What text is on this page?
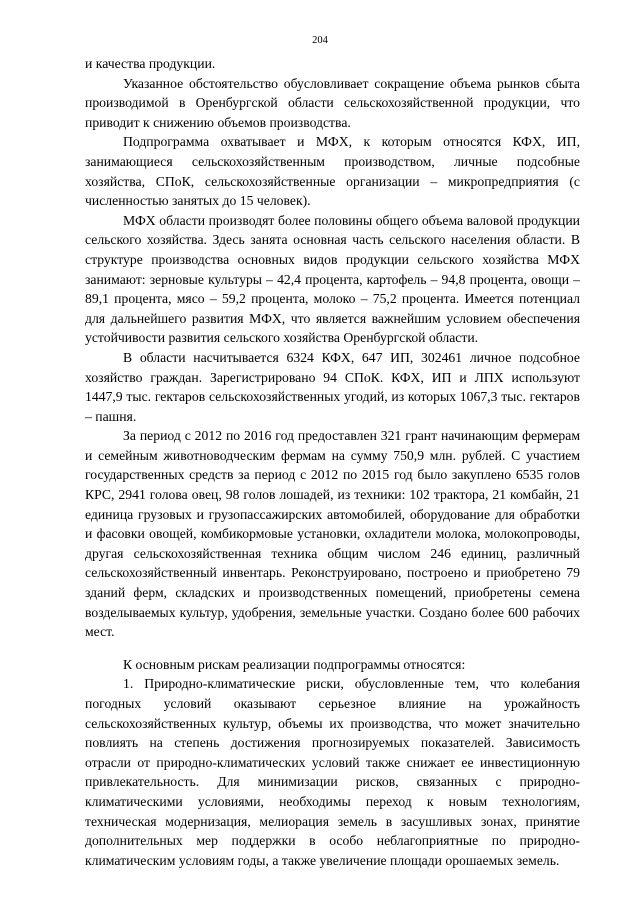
204

и качества продукции.

Указанное обстоятельство обусловливает сокращение объема рынков сбыта производимой в Оренбургской области сельскохозяйственной продукции, что приводит к снижению объемов производства.

Подпрограмма охватывает и МФХ, к которым относятся КФХ, ИП, занимающиеся сельскохозяйственным производством, личные подсобные хозяйства, СПоК, сельскохозяйственные организации – микропредприятия (с численностью занятых до 15 человек).

МФХ области производят более половины общего объема валовой продукции сельского хозяйства. Здесь занята основная часть сельского населения области. В структуре производства основных видов продукции сельского хозяйства МФХ занимают: зерновые культуры – 42,4 процента, картофель – 94,8 процента, овощи – 89,1 процента, мясо – 59,2 процента, молоко – 75,2 процента. Имеется потенциал для дальнейшего развития МФХ, что является важнейшим условием обеспечения устойчивости развития сельского хозяйства Оренбургской области.

В области насчитывается 6324 КФХ, 647 ИП, 302461 личное подсобное хозяйство граждан. Зарегистрировано 94 СПоК. КФХ, ИП и ЛПХ используют 1447,9 тыс. гектаров сельскохозяйственных угодий, из которых 1067,3 тыс. гектаров – пашня.

За период с 2012 по 2016 год предоставлен 321 грант начинающим фермерам и семейным животноводческим фермам на сумму 750,9 млн. рублей. С участием государственных средств за период с 2012 по 2015 год было закуплено 6535 голов КРС, 2941 голова овец, 98 голов лошадей, из техники: 102 трактора, 21 комбайн, 21 единица грузовых и грузопассажирских автомобилей, оборудование для обработки и фасовки овощей, комбикормовые установки, охладители молока, молокопроводы, другая сельскохозяйственная техника общим числом 246 единиц, различный сельскохозяйственный инвентарь. Реконструировано, построено и приобретено 79 зданий ферм, складских и производственных помещений, приобретены семена возделываемых культур, удобрения, земельные участки. Создано более 600 рабочих мест.

К основным рискам реализации подпрограммы относятся:

1. Природно-климатические риски, обусловленные тем, что колебания погодных условий оказывают серьезное влияние на урожайность сельскохозяйственных культур, объемы их производства, что может значительно повлиять на степень достижения прогнозируемых показателей. Зависимость отрасли от природно-климатических условий также снижает ее инвестиционную привлекательность. Для минимизации рисков, связанных с природно-климатическими условиями, необходимы переход к новым технологиям, техническая модернизация, мелиорация земель в засушливых зонах, принятие дополнительных мер поддержки в особо неблагоприятные по природно-климатическим условиям годы, а также увеличение площади орошаемых земель.
